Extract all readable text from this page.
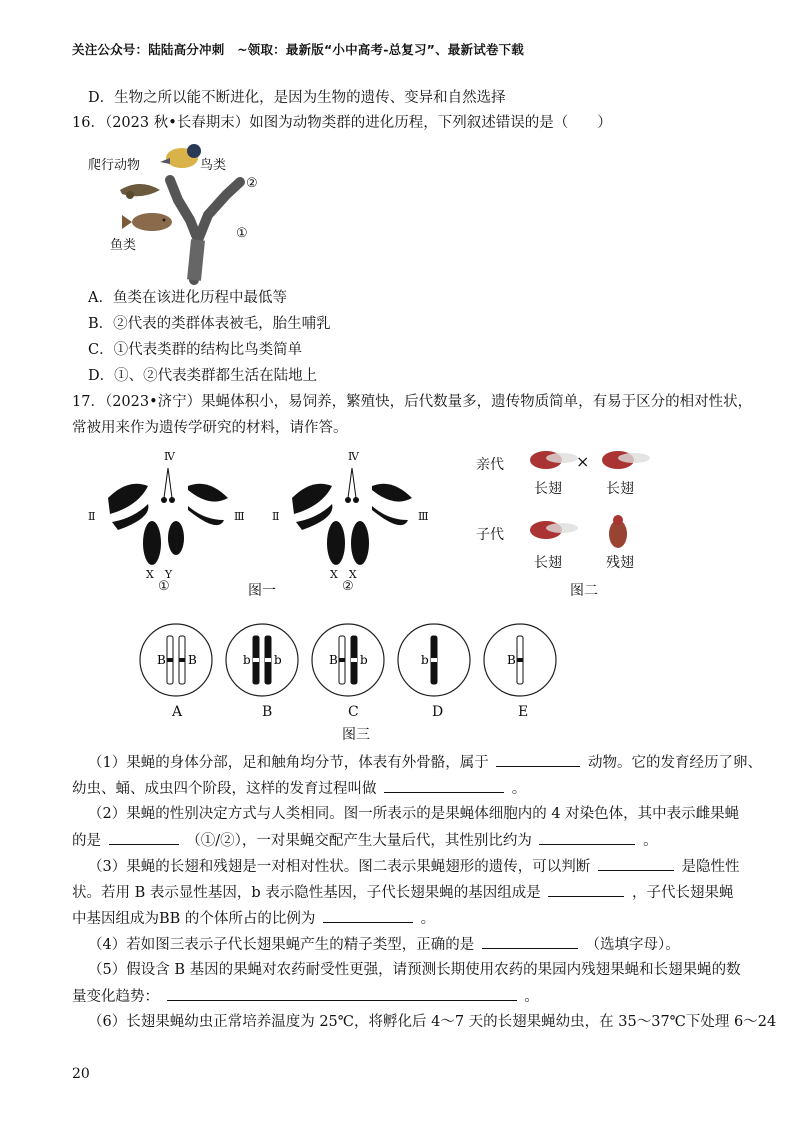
关注公众号：陆陆高分冲刺　~领取：最新版“小中高考-总复习”、最新试卷下载
D．生物之所以能不断进化，是因为生物的遗传、变异和自然选择
16．（2023 秋•长春期末）如图为动物类群的进化历程，下列叙述错误的是（　　）
爬行动物	鸟类
鱼类
②
①
A．鱼类在该进化历程中最低等
B．②代表的类群体表被毛，胎生哺乳
C．①代表类群的结构比鸟类简单
D．①、②代表类群都生活在陆地上
17．（2023•济宁）果蝇体积小，易饲养，繁殖快，后代数量多，遗传物质简单，有易于区分的相对性状，
常被用来作为遗传学研究的材料，请作答。
Ⅳ
Ⅱ	Ⅲ
X　Y
①
Ⅳ
Ⅱ	Ⅲ
X　X
②
图一
亲代
子代
×
长翅	长翅
长翅	残翅
图二
B B	b b	B b	b	B
A	B	C	D	E
图三
（1）果蝇的身体分部，足和触角均分节，体表有外骨骼，属于	动物。它的发育经历了卵、
幼虫、蛹、成虫四个阶段，这样的发育过程叫做	。
（2）果蝇的性别决定方式与人类相同。图一所表示的是果蝇体细胞内的 4 对染色体，其中表示雌果蝇
的是	（①/②），一对果蝇交配产生大量后代，其性别比约为	。
（3）果蝇的长翅和残翅是一对相对性状。图二表示果蝇翅形的遗传，可以判断	是隐性性
状。若用 B 表示显性基因，b 表示隐性基因，子代长翅果蝇的基因组成是	，子代长翅果蝇
中基因组成为BB 的个体所占的比例为	。
（4）若如图三表示子代长翅果蝇产生的精子类型，正确的是	（选填字母）。
（5）假设含 B 基因的果蝇对农药耐受性更强，请预测长期使用农药的果园内残翅果蝇和长翅果蝇的数
量变化趋势：	。
（6）长翅果蝇幼虫正常培养温度为 25℃，将孵化后 4～7 天的长翅果蝇幼虫，在 35～37℃下处理 6～24
20
